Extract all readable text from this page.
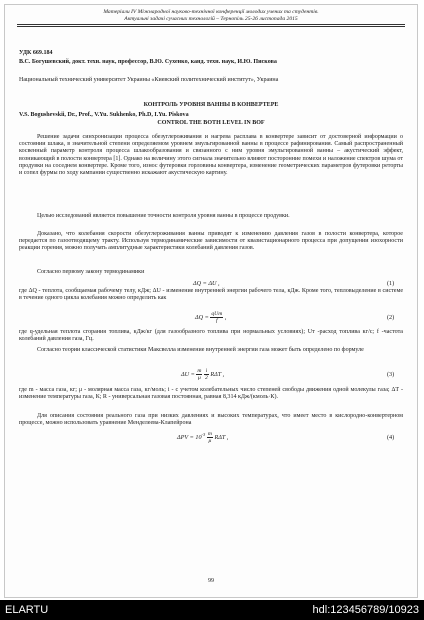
Матеріали IV Міжнародної науково-технічної конференції молодих учених та студентів.
Актуальні задачі сучасних технологій – Тернопіль 25-26 листопада 2015
УДК 669.184
В.С. Богушевский, докт. техн. наук, профессор, В.Ю. Сухенко, канд. техн. наук, И.Ю. Пискова
Национальный технический университет Украины «Киевский политехнический институт», Украина
КОНТРОЛЬ УРОВНЯ ВАННЫ В КОНВЕРТЕРЕ
V.S. Bogushevskii, Dr., Prof., V.Yu. Sukhenko, Ph.D, I.Yu. Piskova
CONTROL THE BOTH LEVEL IN BOF
Решение задачи синхронизации процесса обезуглероживания и нагрева расплава в конвертере зависит от достоверной информации о состоянии шлака, в значительной степени определяемом уровнем эмульгированной ванны в процессе рафинирования. Самый распространенный косвенный параметр контроля процесса шлакообразования и связанного с ним уровня эмульгированной ванны – акустический эффект, возникающий в полости конвертера [1]. Однако на величину этого сигнала значительно влияют посторонние помехи и наложение спектров шума от продувки на соседнем конвертере. Кроме того, износ футеровки горловины конвертера, изменение геометрических параметров футеровки реторты и сопел фурмы по ходу кампании существенно искажают акустическую картину.
Целью исследований является повышение точности контроля уровня ванны в процессе продувки.
Доказано, что колебания скорости обезуглероживания ванны приводят к изменению давления газов в полости конвертера, которое передается по газоотводящему тракту. Используя термодинамические зависимости от квазистационарного процесса при допущении изохорности реакции горения, можно получать амплитудные характеристики колебаний давления газов.
Согласно первому закону термодинамики
ΔQ = ΔU ,	(1)
где ΔQ - теплота, сообщаемая рабочему телу, кДж; ΔU - изменение внутренней энергии рабочего тела, кДж. Кроме того, тепловыделение в системе в течение одного цикла колебания можно определить как
$\Delta Q = \frac{\text{qUт}}{f}$ ,	(2)
где q-удельная теплота сгорания топлива, кДж/кг (для газообразного топлива при нормальных условиях); Uт -расход топлива кг/с; f -частота колебаний давления газа, Гц.
Согласно теории классической статистики Максвелла изменение внутренней энергии газа может быть определено по формуле
$\Delta U = \frac{m}{\mu}$
$\frac{i}{2}$ RΔT ,	(3)
где m - масса газа, кг; μ - молярная масса газа, кг/моль; i - с учетом колебательных число степеней свободы движения одной молекулы газа; ΔT - изменение температуры газа, К; R - универсальная газовая постоянная, равная 8,314 кДж/(кмоль·К).
Для описания состояния реального газа при низких давлениях и высоких температурах, что имеет место в кислородно-конвертерном процессе, можно использовать уравнение Менделеева-Клапейрона
$\Delta PV = 10^{-3} \frac{m}{\mu}$ RΔT ,	(4)
99
ELARTU	hdl:123456789/10923
